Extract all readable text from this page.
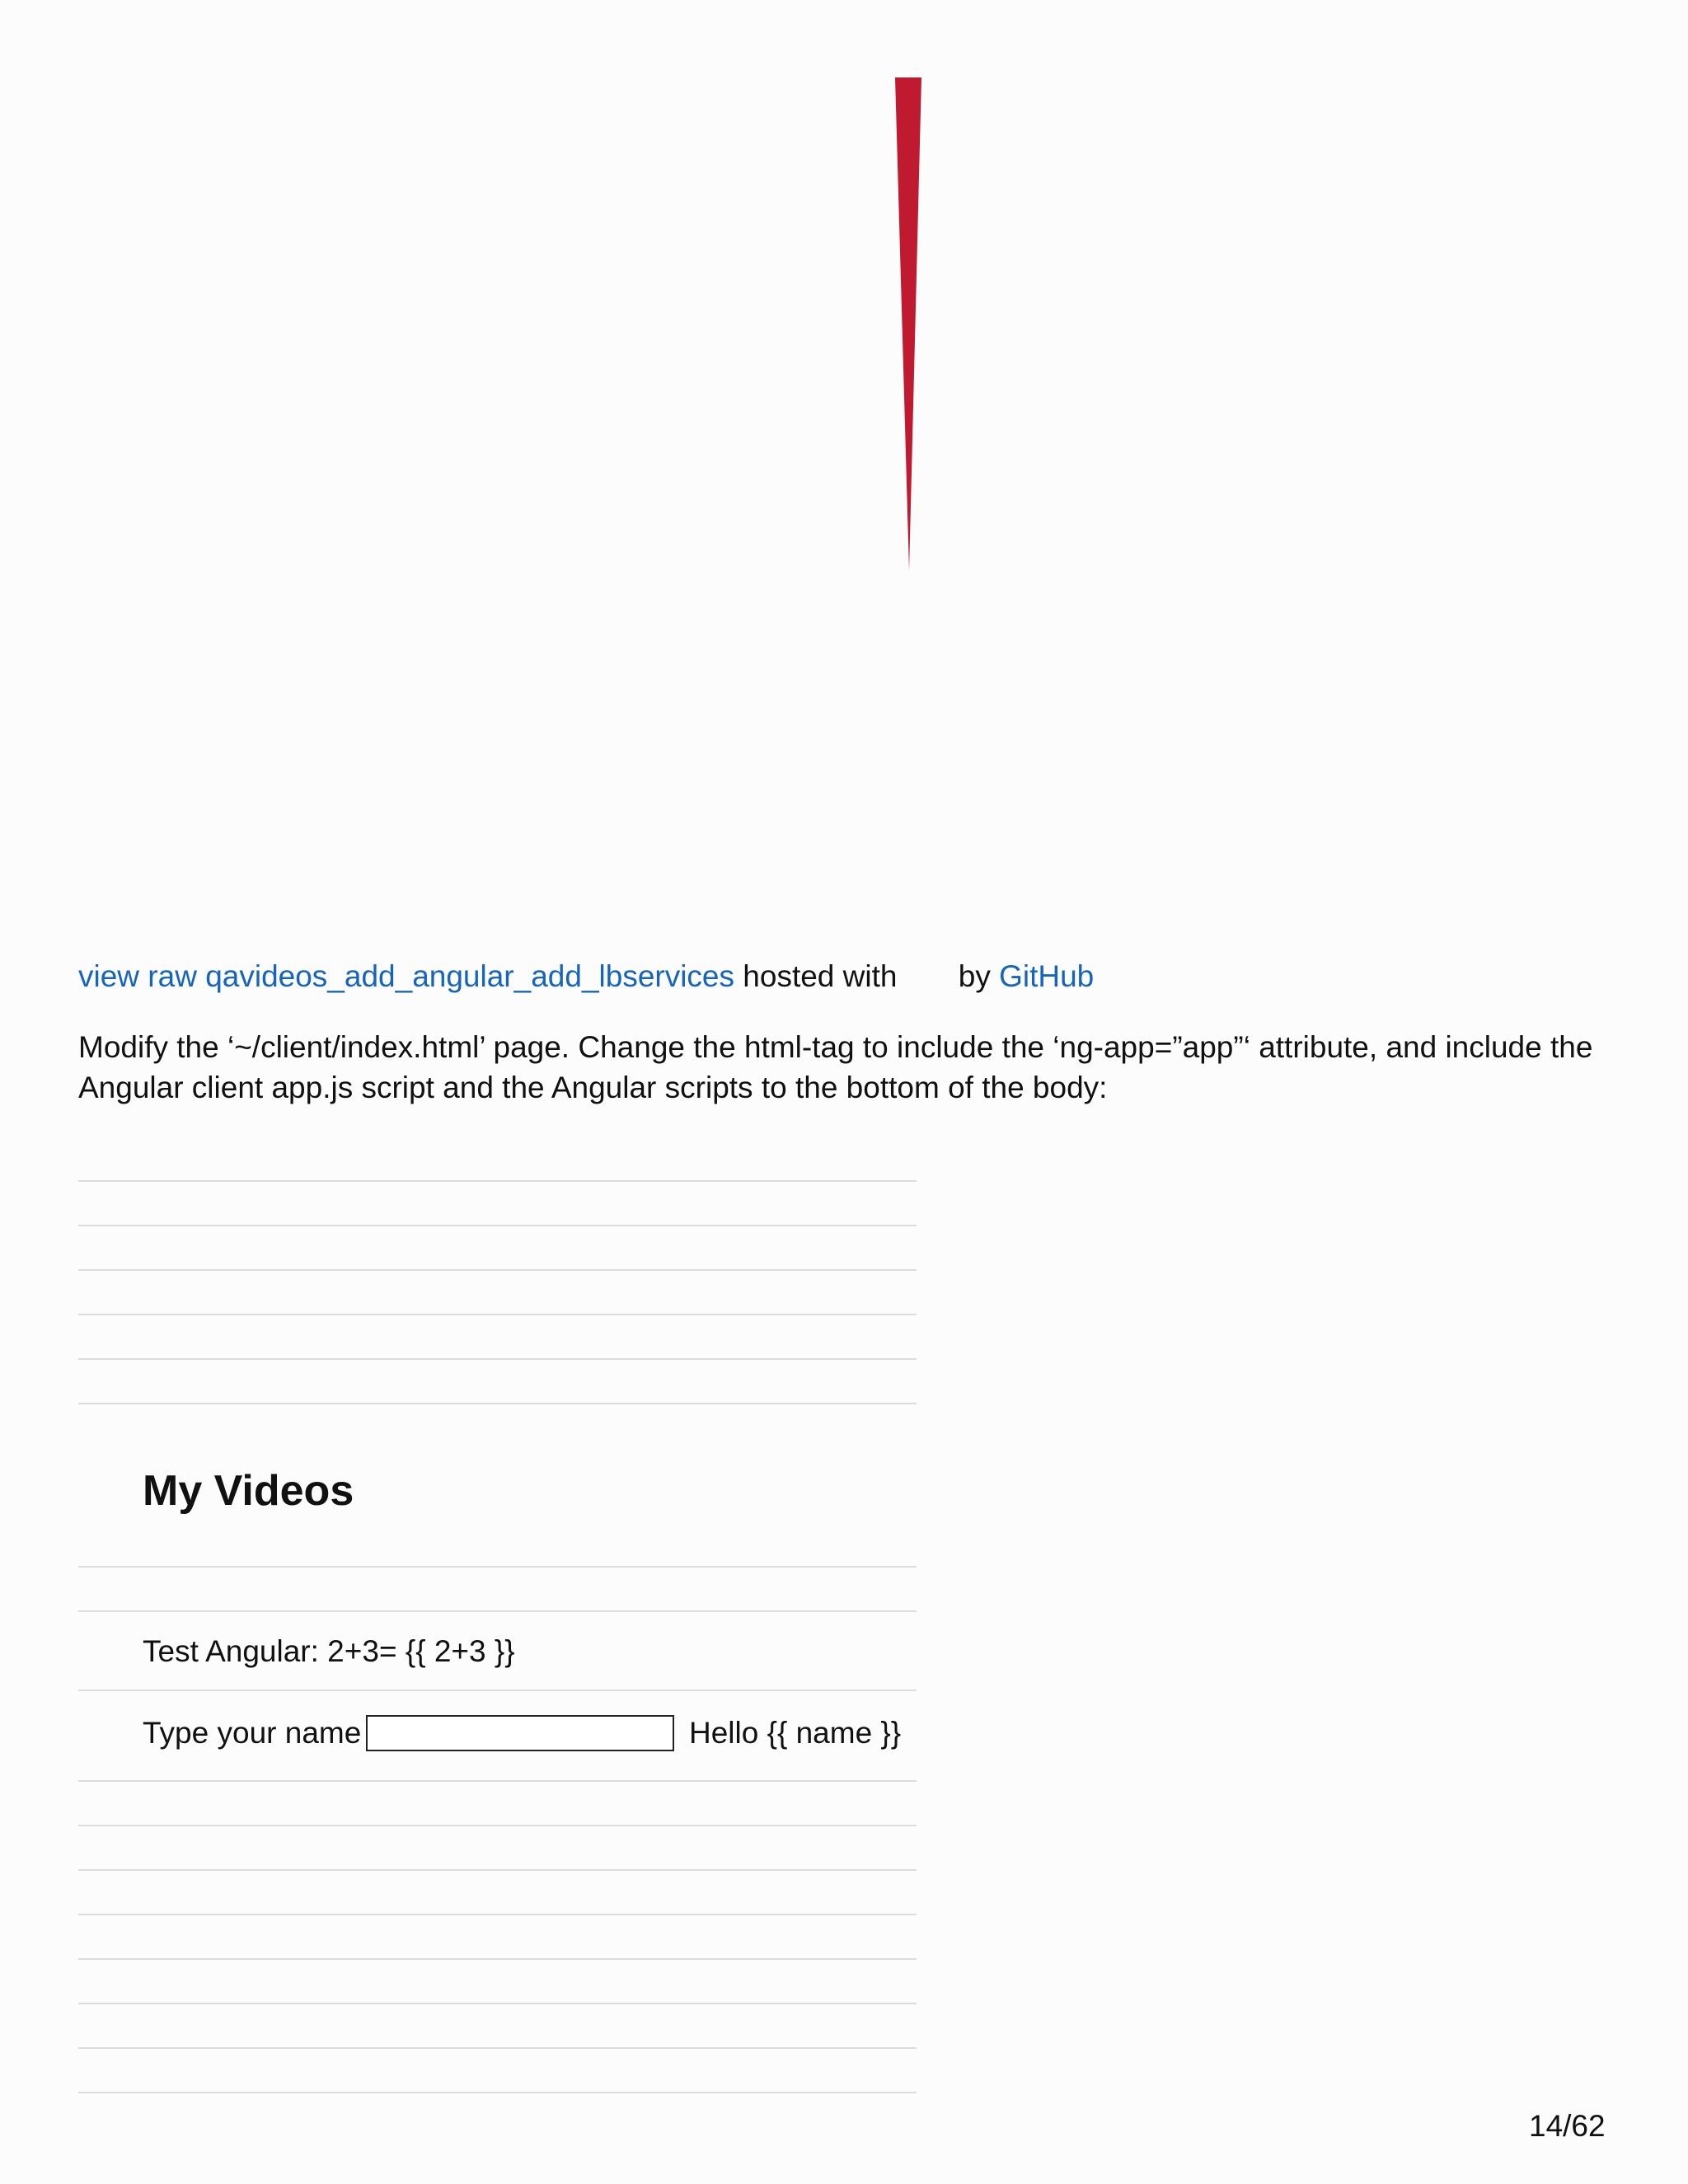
view raw qavideos_add_angular_add_lbservices hosted with by GitHub
Modify the ‘~/client/index.html’ page. Change the html-tag to include the ‘ng-app=”app”‘ attribute, and include the Angular client app.js script and the Angular scripts to the bottom of the body:
My Videos
Test Angular: 2+3= {{ 2+3 }}
Type your name	Hello {{ name }}
14/62
